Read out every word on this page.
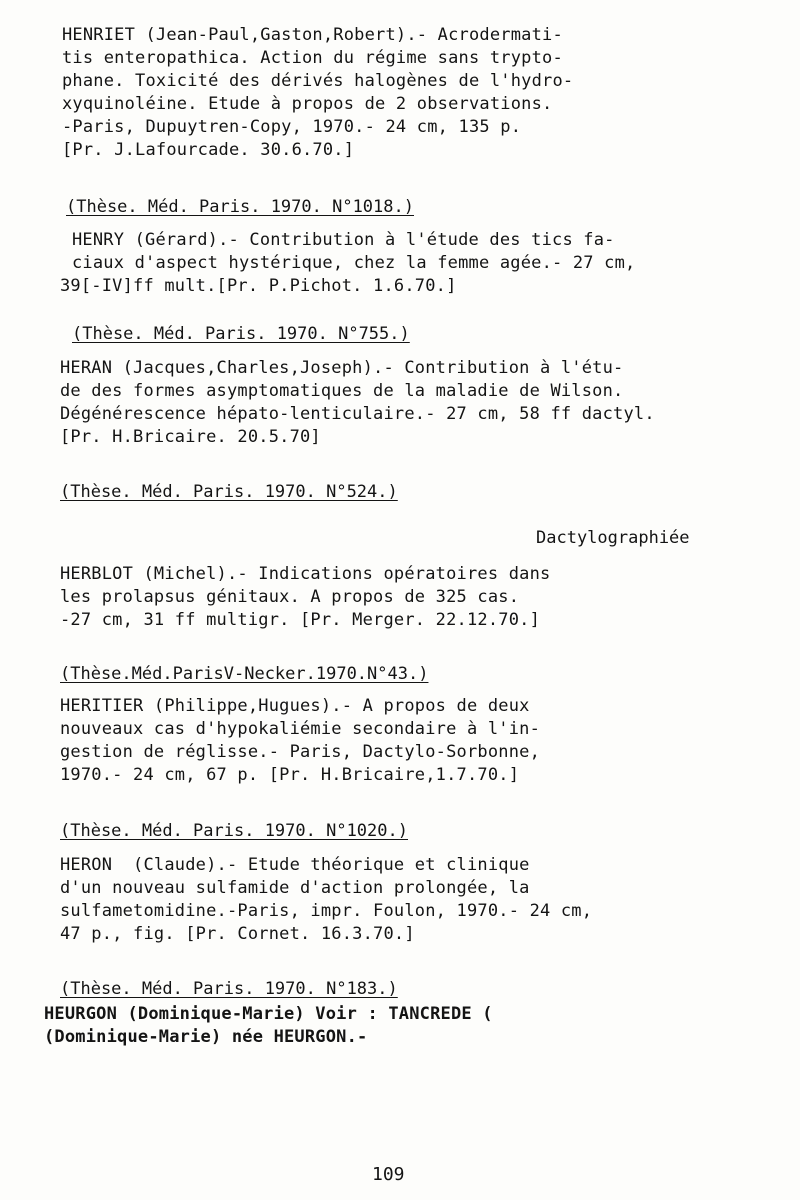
HENRIET (Jean-Paul,Gaston,Robert).- Acrodermati-
tis enteropathica. Action du régime sans trypto-
phane. Toxicité des dérivés halogènes de l'hydro-
xyquinoléine. Etude à propos de 2 observations.
-Paris, Dupuytren-Copy, 1970.- 24 cm, 135 p.
[Pr. J.Lafourcade. 30.6.70.]
(Thèse. Méd. Paris. 1970. N°1018.)
HENRY (Gérard).- Contribution à l'étude des tics fa-
ciaux d'aspect hystérique, chez la femme agée.- 27 cm,
39[-IV]ff mult.[Pr. P.Pichot. 1.6.70.]
(Thèse. Méd. Paris. 1970. N°755.)
HERAN (Jacques,Charles,Joseph).- Contribution à l'étu-
de des formes asymptomatiques de la maladie de Wilson.
Dégénérescence hépato-lenticulaire.- 27 cm, 58 ff dactyl.
[Pr. H.Bricaire. 20.5.70]
(Thèse. Méd. Paris. 1970. N°524.)
Dactylographiée
HERBLOT (Michel).- Indications opératoires dans
les prolapsus génitaux. A propos de 325 cas.
-27 cm, 31 ff multigr. [Pr. Merger. 22.12.70.]
(Thèse.Méd.ParisV-Necker.1970.N°43.)
HERITIER (Philippe,Hugues).- A propos de deux
nouveaux cas d'hypokaliémie secondaire à l'in-
gestion de réglisse.- Paris, Dactylo-Sorbonne,
1970.- 24 cm, 67 p. [Pr. H.Bricaire,1.7.70.]
(Thèse. Méd. Paris. 1970. N°1020.)
HERON  (Claude).- Etude théorique et clinique
d'un nouveau sulfamide d'action prolongée, la
sulfametomidine.-Paris, impr. Foulon, 1970.- 24 cm,
47 p., fig. [Pr. Cornet. 16.3.70.]
(Thèse. Méd. Paris. 1970. N°183.)
HEURGON (Dominique-Marie) Voir : TANCREDE (
(Dominique-Marie) née HEURGON.-
109
